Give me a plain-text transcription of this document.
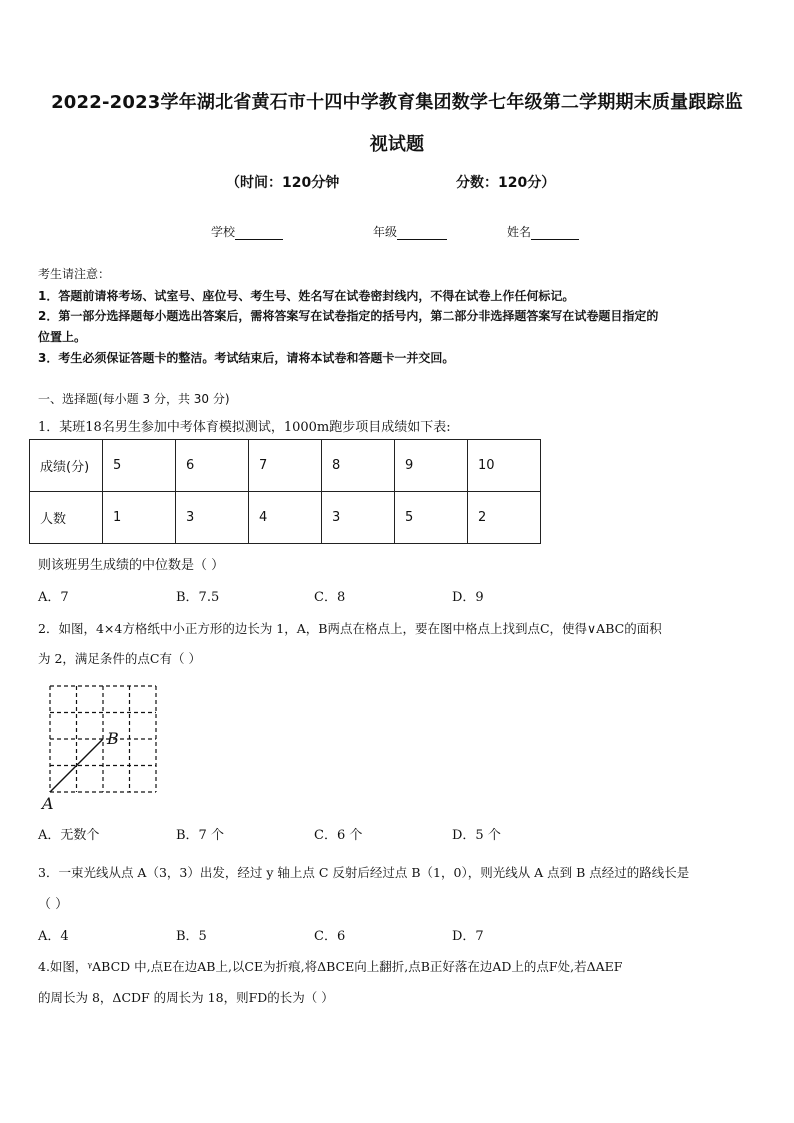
2022-2023学年湖北省黄石市十四中学教育集团数学七年级第二学期期末质量跟踪监
视试题
（时间：120分钟	分数：120分）
学校	年级	姓名
考生请注意：
1．答题前请将考场、试室号、座位号、考生号、姓名写在试卷密封线内，不得在试卷上作任何标记。
2．第一部分选择题每小题选出答案后，需将答案写在试卷指定的括号内，第二部分非选择题答案写在试卷题目指定的
位置上。
3．考生必须保证答题卡的整洁。考试结束后，请将本试卷和答题卡一并交回。
一、选择题(每小题 3 分，共 30 分)
1．某班18名男生参加中考体育模拟测试，1000m跑步项目成绩如下表:
成绩(分)	5	6	7	8	9	10
人数	1	3	4	3	5	2
则该班男生成绩的中位数是（ ）
A．7	B．7.5	C．8	D．9
2．如图，4×4方格纸中小正方形的边长为 1，A，B两点在格点上，要在图中格点上找到点C，使得∨ABC的面积
为 2，满足条件的点C有（ ）
A
B
A．无数个	B．7 个	C．6 个	D．5 个
3．一束光线从点 A（3，3）出发，经过 y 轴上点 C 反射后经过点 B（1，0），则光线从 A 点到 B 点经过的路线长是
（ ）
A．4	B．5	C．6	D．7
4.如图，ᵞABCD 中,点E在边AB上,以CE为折痕,将ΔBCE向上翻折,点B正好落在边AD上的点F处,若ΔAEF
的周长为 8，ΔCDF 的周长为 18，则FD的长为（ ）
